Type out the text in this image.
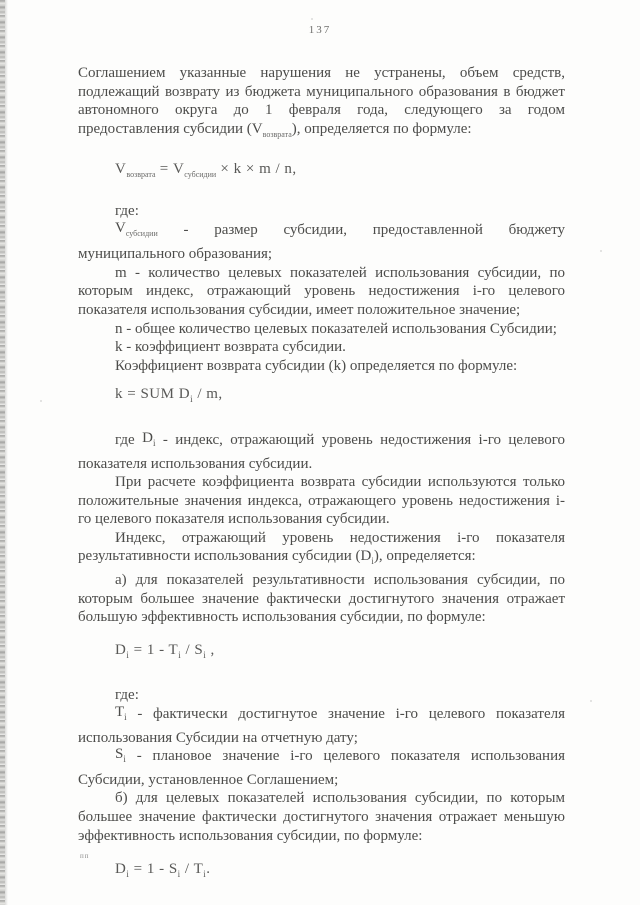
137

Соглашением указанные нарушения не устранены, объем средств, подлежащий возврату из бюджета муниципального образования в бюджет автономного округа до 1 февраля года, следующего за годом предоставления субсидии $(V_{возврата})$, определяется по формуле:

$V_{возврата} = V_{субсидии} \times k \times m / n$,

где:

$V_{субсидии}$ - размер субсидии, предоставленной бюджету муниципального образования;

m - количество целевых показателей использования субсидии, по которым индекс, отражающий уровень недостижения i-го целевого показателя использования субсидии, имеет положительное значение;

n - общее количество целевых показателей использования Субсидии;

k - коэффициент возврата субсидии.

Коэффициент возврата субсидии (k) определяется по формуле:

k = SUM $D_i$ / m,

где $D_i$ - индекс, отражающий уровень недостижения i-го целевого показателя использования субсидии.

При расчете коэффициента возврата субсидии используются только положительные значения индекса, отражающего уровень недостижения i-го целевого показателя использования субсидии.

Индекс, отражающий уровень недостижения i-го показателя результативности использования субсидии $(D_i)$, определяется:

а) для показателей результативности использования субсидии, по которым большее значение фактически достигнутого значения отражает большую эффективность использования субсидии, по формуле:

$D_i = 1 - T_i / S_i$ ,

где:

$T_i$ - фактически достигнутое значение i-го целевого показателя использования Субсидии на отчетную дату;

$S_i$ - плановое значение i-го целевого показателя использования Субсидии, установленное Соглашением;

б) для целевых показателей использования субсидии, по которым большее значение фактически достигнутого значения отражает меньшую эффективность использования субсидии, по формуле:

$D_i = 1 - S_i / T_i$.
пп
